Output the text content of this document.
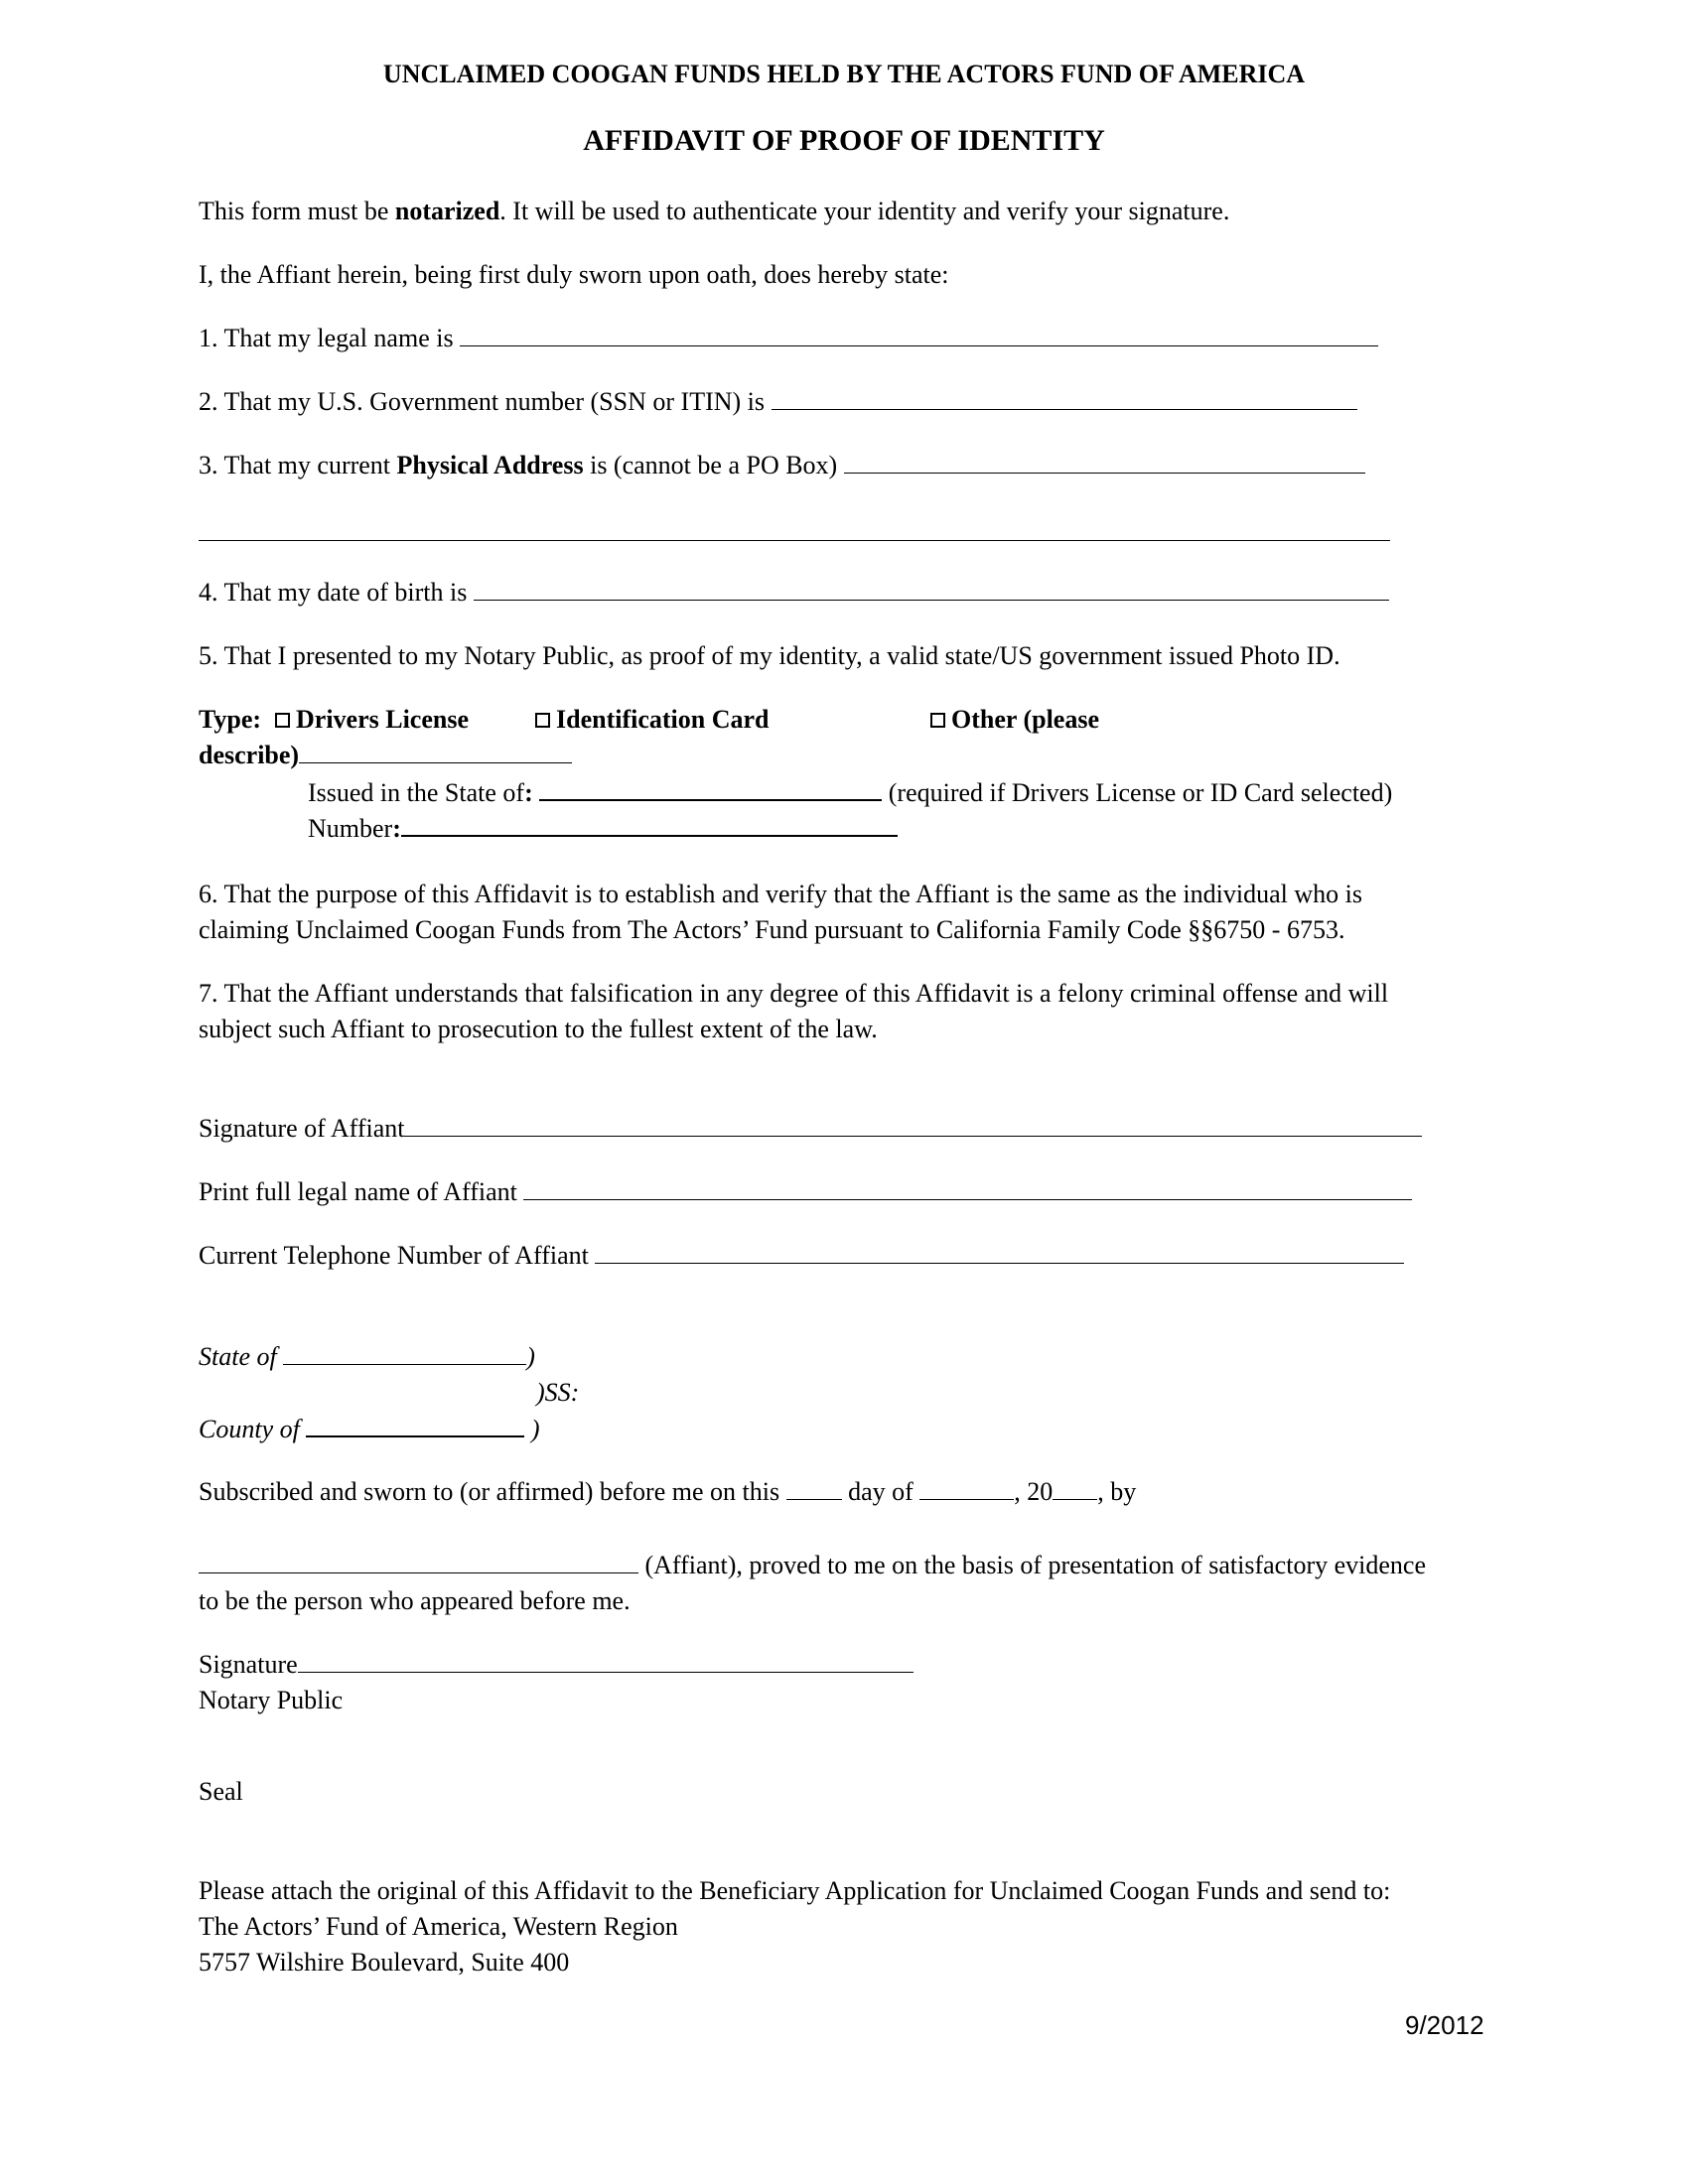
UNCLAIMED COOGAN FUNDS HELD BY THE ACTORS FUND OF AMERICA
AFFIDAVIT OF PROOF OF IDENTITY
This form must be notarized. It will be used to authenticate your identity and verify your signature.
I, the Affiant herein, being first duly sworn upon oath, does hereby state:
1. That my legal name is
2. That my U.S. Government number (SSN or ITIN) is
3. That my current Physical Address is (cannot be a PO Box)
4. That my date of birth is
5. That I presented to my Notary Public, as proof of my identity, a valid state/US government issued Photo ID.
Type:	Drivers License	Identification Card	Other (please
describe)
Issued in the State of:	(required if Drivers License or ID Card selected)
Number:
6. That the purpose of this Affidavit is to establish and verify that the Affiant is the same as the individual who is
claiming Unclaimed Coogan Funds from The Actors’ Fund pursuant to California Family Code §§6750 - 6753.
7. That the Affiant understands that falsification in any degree of this Affidavit is a felony criminal offense and will
subject such Affiant to prosecution to the fullest extent of the law.
Signature of Affiant
Print full legal name of Affiant
Current Telephone Number of Affiant
State of	)
)SS:
County of	)
Subscribed and sworn to (or affirmed) before me on this	day of	, 20 , by
(Affiant), proved to me on the basis of presentation of satisfactory evidence
to be the person who appeared before me.
Signature
Notary Public
Seal
Please attach the original of this Affidavit to the Beneficiary Application for Unclaimed Coogan Funds and send to:
The Actors’ Fund of America, Western Region
5757 Wilshire Boulevard, Suite 400
9/2012
